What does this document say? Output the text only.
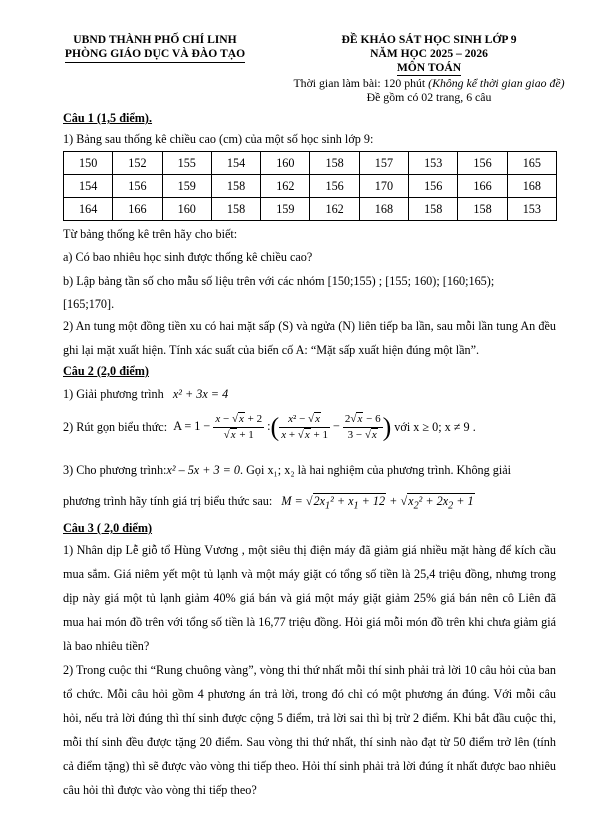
UBND THÀNH PHỐ CHÍ LINH
PHÒNG GIÁO DỤC VÀ ĐÀO TẠO
ĐỀ KHẢO SÁT HỌC SINH LỚP 9
NĂM HỌC 2025 – 2026
MÔN TOÁN
Thời gian làm bài: 120 phút (Không kể thời gian giao đề)
Đề gồm có 02 trang, 6 câu
Câu 1 (1,5 điểm).
1) Bảng sau thống kê chiều cao (cm) của một số học sinh lớp 9:
150	152	155	154	160	158	157	153	156	165
154	156	159	158	162	156	170	156	166	168
164	166	160	158	159	162	168	158	158	153
Từ bảng thống kê trên hãy cho biết:
a) Có bao nhiêu học sinh được thống kê chiều cao?
b) Lập bảng tần số cho mẫu số liệu trên với các nhóm [150;155) ; [155; 160); [160;165);
[165;170].
2) An tung một đồng tiền xu có hai mặt sấp (S) và ngửa (N) liên tiếp ba lần, sau mỗi lần tung An đều ghi lại mặt xuất hiện. Tính xác suất của biến cố A: “Mặt sấp xuất hiện đúng một lần”.
Câu 2 (2,0 điểm)
1) Giải phương trình x² + 3x = 4
2) Rút gọn biểu thức:  $A = 1 - \frac{x - √x + 2}{√x + 1}$ :( $\frac{\text{x² − √x}}{x + √x + 1} - \frac{2√x - 6}{3 - √x}$ ) với x ≥ 0; x ≠ 9 .
3) Cho phương trình:x² – 5x + 3 = 0. Gọi x₁; x₂ là hai nghiệm của phương trình. Không giải
phương trình hãy tính giá trị biểu thức sau: $M = √2x_1^2 + x_1 + 12 + √x_2^2 + 2x_2 + 1$
Câu 3 ( 2,0 điểm)
1) Nhân dịp Lễ giỗ tổ Hùng Vương , một siêu thị điện máy đã giảm giá nhiều mặt hàng để kích cầu mua sắm. Giá niêm yết một tủ lạnh và một máy giặt có tổng số tiền là 25,4 triệu đồng, nhưng trong dịp này giá một tủ lạnh giảm 40% giá bán và giá một máy giặt giảm 25% giá bán nên cô Liên đã mua hai món đồ trên với tổng số tiền là 16,77 triệu đồng. Hỏi giá mỗi món đồ trên khi chưa giảm giá là bao nhiêu tiền?
2) Trong cuộc thi “Rung chuông vàng”, vòng thi thứ nhất mỗi thí sinh phải trả lời 10 câu hỏi của ban tổ chức. Mỗi câu hỏi gồm 4 phương án trả lời, trong đó chỉ có một phương án đúng. Với mỗi câu hỏi, nếu trả lời đúng thì thí sinh được cộng 5 điểm, trả lời sai thì bị trừ 2 điểm. Khi bắt đầu cuộc thi, mỗi thí sinh đều được tặng 20 điểm. Sau vòng thi thứ nhất, thí sinh nào đạt từ 50 điểm trở lên (tính cả điểm tặng) thì sẽ được vào vòng thi tiếp theo. Hỏi thí sinh phải trả lời đúng ít nhất được bao nhiêu câu hỏi thì được vào vòng thi tiếp theo?
